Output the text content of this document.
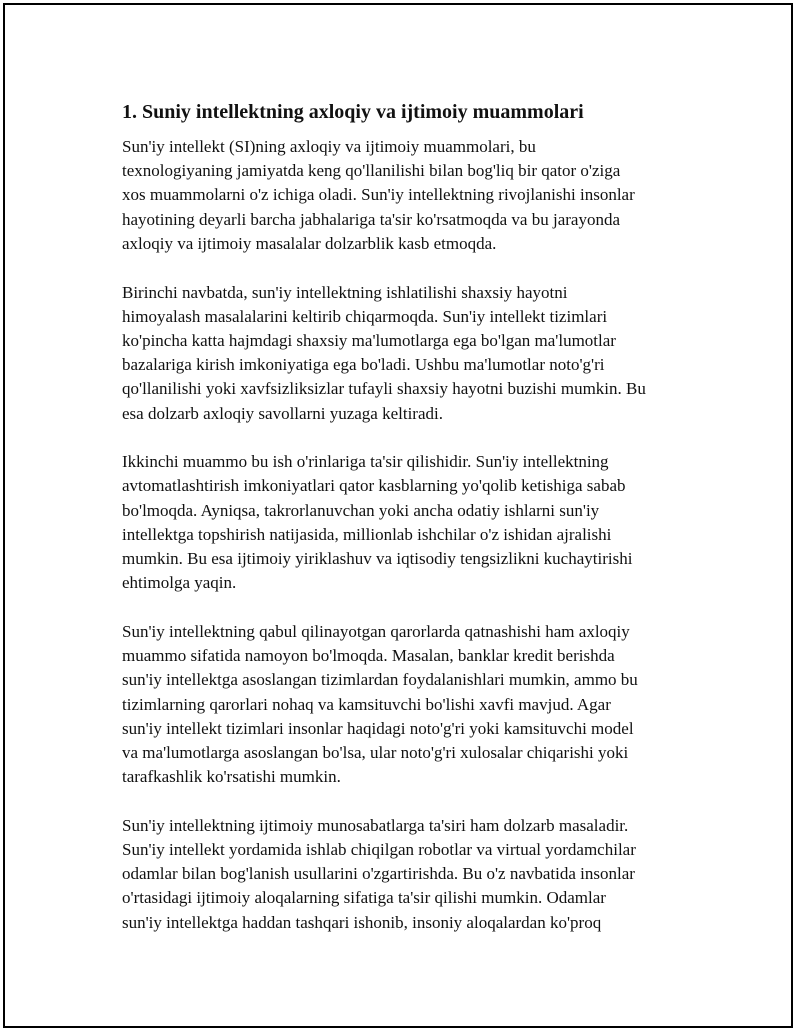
1. Suniy intellektning axloqiy va ijtimoiy muammolari

Sun'iy intellekt (SI)ning axloqiy va ijtimoiy muammolari, bu
texnologiyaning jamiyatda keng qo'llanilishi bilan bog'liq bir qator o'ziga
xos muammolarni o'z ichiga oladi. Sun'iy intellektning rivojlanishi insonlar
hayotining deyarli barcha jabhalariga ta'sir ko'rsatmoqda va bu jarayonda
axloqiy va ijtimoiy masalalar dolzarblik kasb etmoqda.

Birinchi navbatda, sun'iy intellektning ishlatilishi shaxsiy hayotni
himoyalash masalalarini keltirib chiqarmoqda. Sun'iy intellekt tizimlari
ko'pincha katta hajmdagi shaxsiy ma'lumotlarga ega bo'lgan ma'lumotlar
bazalariga kirish imkoniyatiga ega bo'ladi. Ushbu ma'lumotlar noto'g'ri
qo'llanilishi yoki xavfsizliksizlar tufayli shaxsiy hayotni buzishi mumkin. Bu
esa dolzarb axloqiy savollarni yuzaga keltiradi.

Ikkinchi muammo bu ish o'rinlariga ta'sir qilishidir. Sun'iy intellektning
avtomatlashtirish imkoniyatlari qator kasblarning yo'qolib ketishiga sabab
bo'lmoqda. Ayniqsa, takrorlanuvchan yoki ancha odatiy ishlarni sun'iy
intellektga topshirish natijasida, millionlab ishchilar o'z ishidan ajralishi
mumkin. Bu esa ijtimoiy yiriklashuv va iqtisodiy tengsizlikni kuchaytirishi
ehtimolga yaqin.

Sun'iy intellektning qabul qilinayotgan qarorlarda qatnashishi ham axloqiy
muammo sifatida namoyon bo'lmoqda. Masalan, banklar kredit berishda
sun'iy intellektga asoslangan tizimlardan foydalanishlari mumkin, ammo bu
tizimlarning qarorlari nohaq va kamsituvchi bo'lishi xavfi mavjud. Agar
sun'iy intellekt tizimlari insonlar haqidagi noto'g'ri yoki kamsituvchi model
va ma'lumotlarga asoslangan bo'lsa, ular noto'g'ri xulosalar chiqarishi yoki
tarafkashlik ko'rsatishi mumkin.

Sun'iy intellektning ijtimoiy munosabatlarga ta'siri ham dolzarb masaladir.
Sun'iy intellekt yordamida ishlab chiqilgan robotlar va virtual yordamchilar
odamlar bilan bog'lanish usullarini o'zgartirishda. Bu o'z navbatida insonlar
o'rtasidagi ijtimoiy aloqalarning sifatiga ta'sir qilishi mumkin. Odamlar
sun'iy intellektga haddan tashqari ishonib, insoniy aloqalardan ko'proq
